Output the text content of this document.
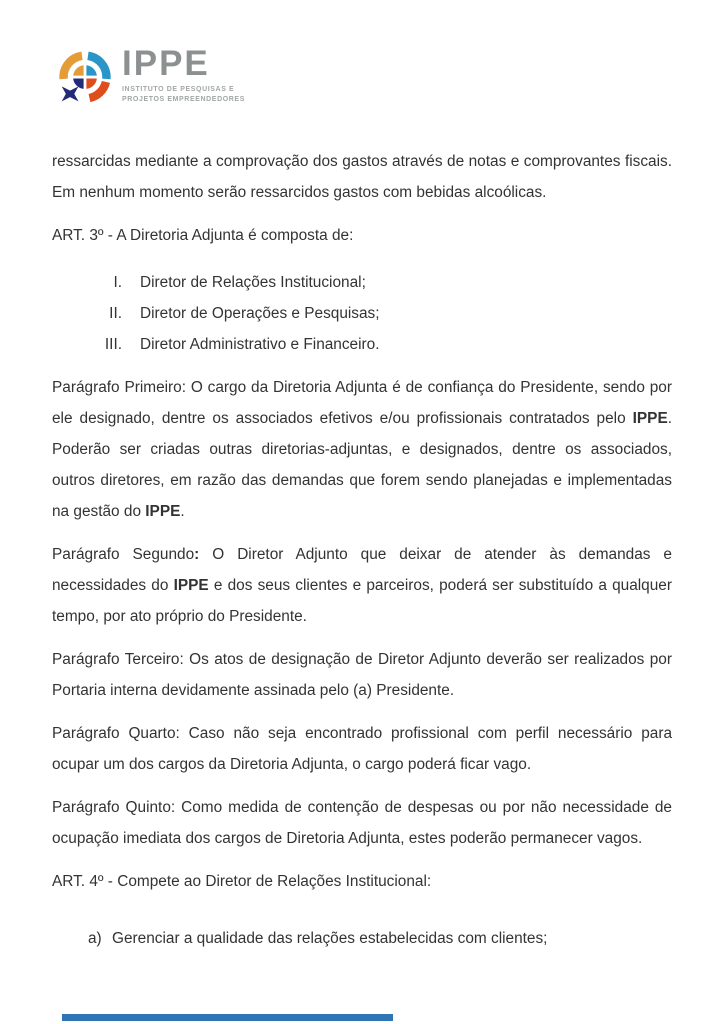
IPPE
INSTITUTO DE PESQUISAS E
PROJETOS EMPREENDEDORES

ressarcidas mediante a comprovação dos gastos através de notas e comprovantes fiscais. Em nenhum momento serão ressarcidos gastos com bebidas alcoólicas.

ART. 3º - A Diretoria Adjunta é composta de:

I. Diretor de Relações Institucional;
II. Diretor de Operações e Pesquisas;
III. Diretor Administrativo e Financeiro.

Parágrafo Primeiro: O cargo da Diretoria Adjunta é de confiança do Presidente, sendo por ele designado, dentre os associados efetivos e/ou profissionais contratados pelo IPPE. Poderão ser criadas outras diretorias-adjuntas, e designados, dentre os associados, outros diretores, em razão das demandas que forem sendo planejadas e implementadas na gestão do IPPE.

Parágrafo Segundo: O Diretor Adjunto que deixar de atender às demandas e necessidades do IPPE e dos seus clientes e parceiros, poderá ser substituído a qualquer tempo, por ato próprio do Presidente.

Parágrafo Terceiro: Os atos de designação de Diretor Adjunto deverão ser realizados por Portaria interna devidamente assinada pelo (a) Presidente.

Parágrafo Quarto: Caso não seja encontrado profissional com perfil necessário para ocupar um dos cargos da Diretoria Adjunta, o cargo poderá ficar vago.

Parágrafo Quinto: Como medida de contenção de despesas ou por não necessidade de ocupação imediata dos cargos de Diretoria Adjunta, estes poderão permanecer vagos.

ART. 4º - Compete ao Diretor de Relações Institucional:

a) Gerenciar a qualidade das relações estabelecidas com clientes;
